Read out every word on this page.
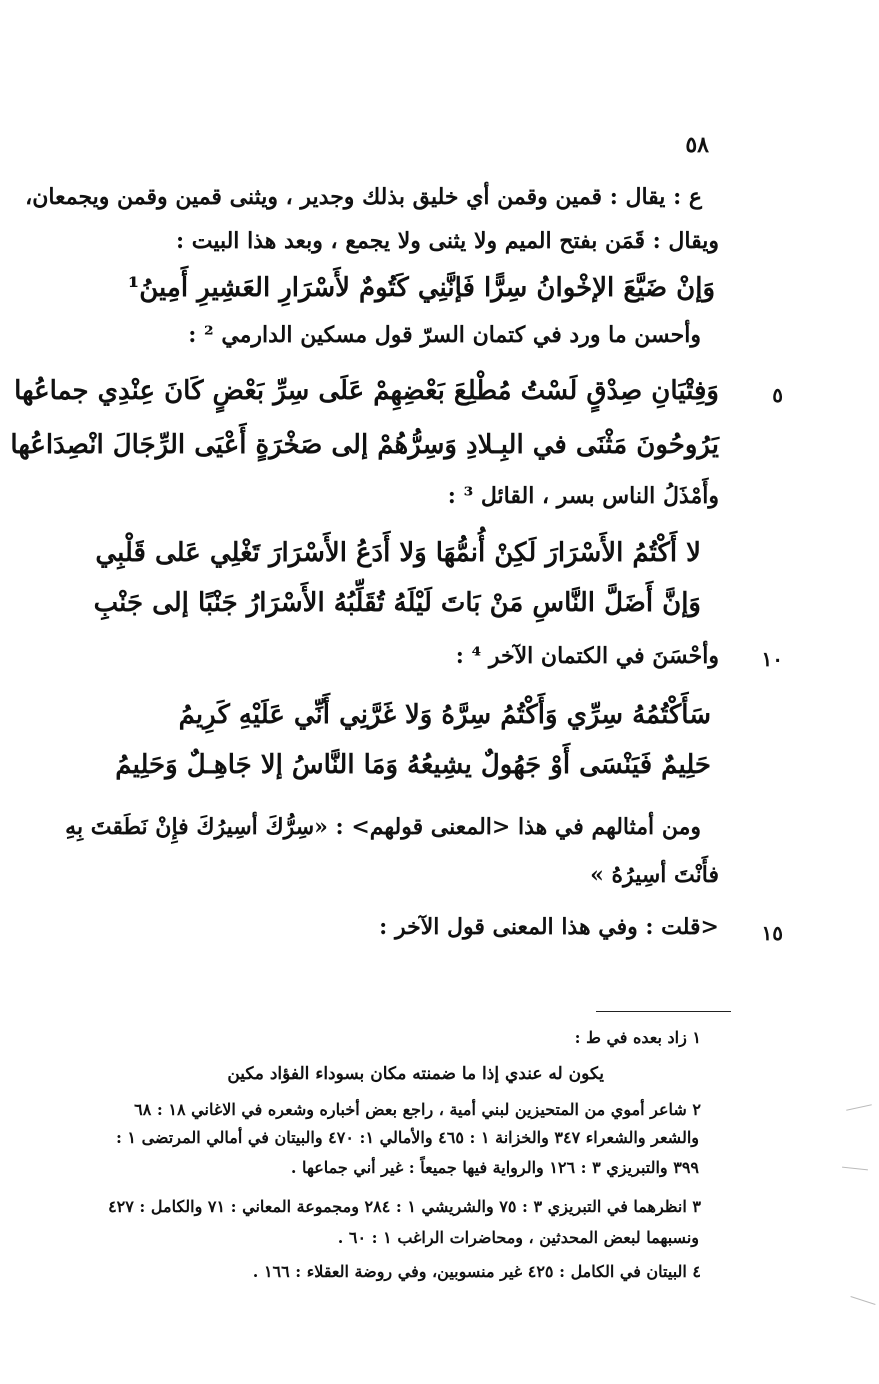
٥٨
ع : يقال : قمين وقمن أي خليق بذلك وجدير ، ويثنى قمين وقمن ويجمعان،
ويقال : قَمَن بفتح الميم ولا يثنى ولا يجمع ، وبعد هذا البيت :
وَإنْ ضَيَّعَ الإخْوانُ سِرًّا فَإنَّنِي كَتُومٌ لأَسْرَارِ العَشِيرِ أَمِينُ¹
وأحسن ما ورد في كتمان السرّ قول مسكين الدارمي ² :
٥
وَفِتْيَانِ صِدْقٍ لَسْتُ مُطْلِعَ بَعْضِهِمْ عَلَى سِرِّ بَعْضٍ كَانَ عِنْدِي جماعُها
يَرُوحُونَ مَثْنَى في البِـلادِ وَسِرُّهُمْ إلى صَخْرَةٍ أَعْيَى الرِّجَالَ انْصِدَاعُها
وأَمْذَلُ الناس بسر ، القائل ³ :
لا أَكْتُمُ الأَسْرَارَ لَكِنْ أُنمُّهَا وَلا أَدَعُ الأَسْرَارَ تَغْلِي عَلى قَلْبِي
وَإنَّ أَضَلَّ النَّاسِ مَنْ بَاتَ لَيْلَهُ تُقَلِّبُهُ الأَسْرَارُ جَنْبًا إلى جَنْبِ
١٠
وأحْسَنَ في الكتمان الآخر ⁴ :
سَأَكْتُمُهُ سِرِّي وَأَكْتُمُ سِرَّهُ وَلا غَرَّنِي أَنِّي عَلَيْهِ كَرِيمُ
حَلِيمٌ فَيَنْسَى أَوْ جَهُولٌ يشِيعُهُ وَمَا النَّاسُ إلا جَاهِـلٌ وَحَلِيمُ
ومن أمثالهم في هذا <المعنى قولهم> : «سِرُّكَ أسِيرُكَ فإِنْ نَطَقتَ بِهِ
فأَنْتَ أسِيرُهُ »
١٥
<قلت : وفي هذا المعنى قول الآخر :
١ زاد بعده في ط :
يكون له عندي إذا ما ضمنته مكان بسوداء الفؤاد مكين
٢ شاعر أموي من المتحيزين لبني أمية ، راجع بعض أخباره وشعره في الاغاني ١٨ : ٦٨
والشعر والشعراء ٣٤٧ والخزانة ١ : ٤٦٥ والأمالي ١: ٤٧٠ والبيتان في أمالي المرتضى ١ :
٣٩٩ والتبريزي ٣ : ١٢٦ والرواية فيها جميعاً : غير أني جماعها .
٣ انظرهما في التبريزي ٣ : ٧٥ والشريشي ١ : ٢٨٤ ومجموعة المعاني : ٧١ والكامل : ٤٢٧
ونسبهما لبعض المحدثين ، ومحاضرات الراغب ١ : ٦٠ .
٤ البيتان في الكامل : ٤٢٥ غير منسوبين، وفي روضة العقلاء : ١٦٦ .
